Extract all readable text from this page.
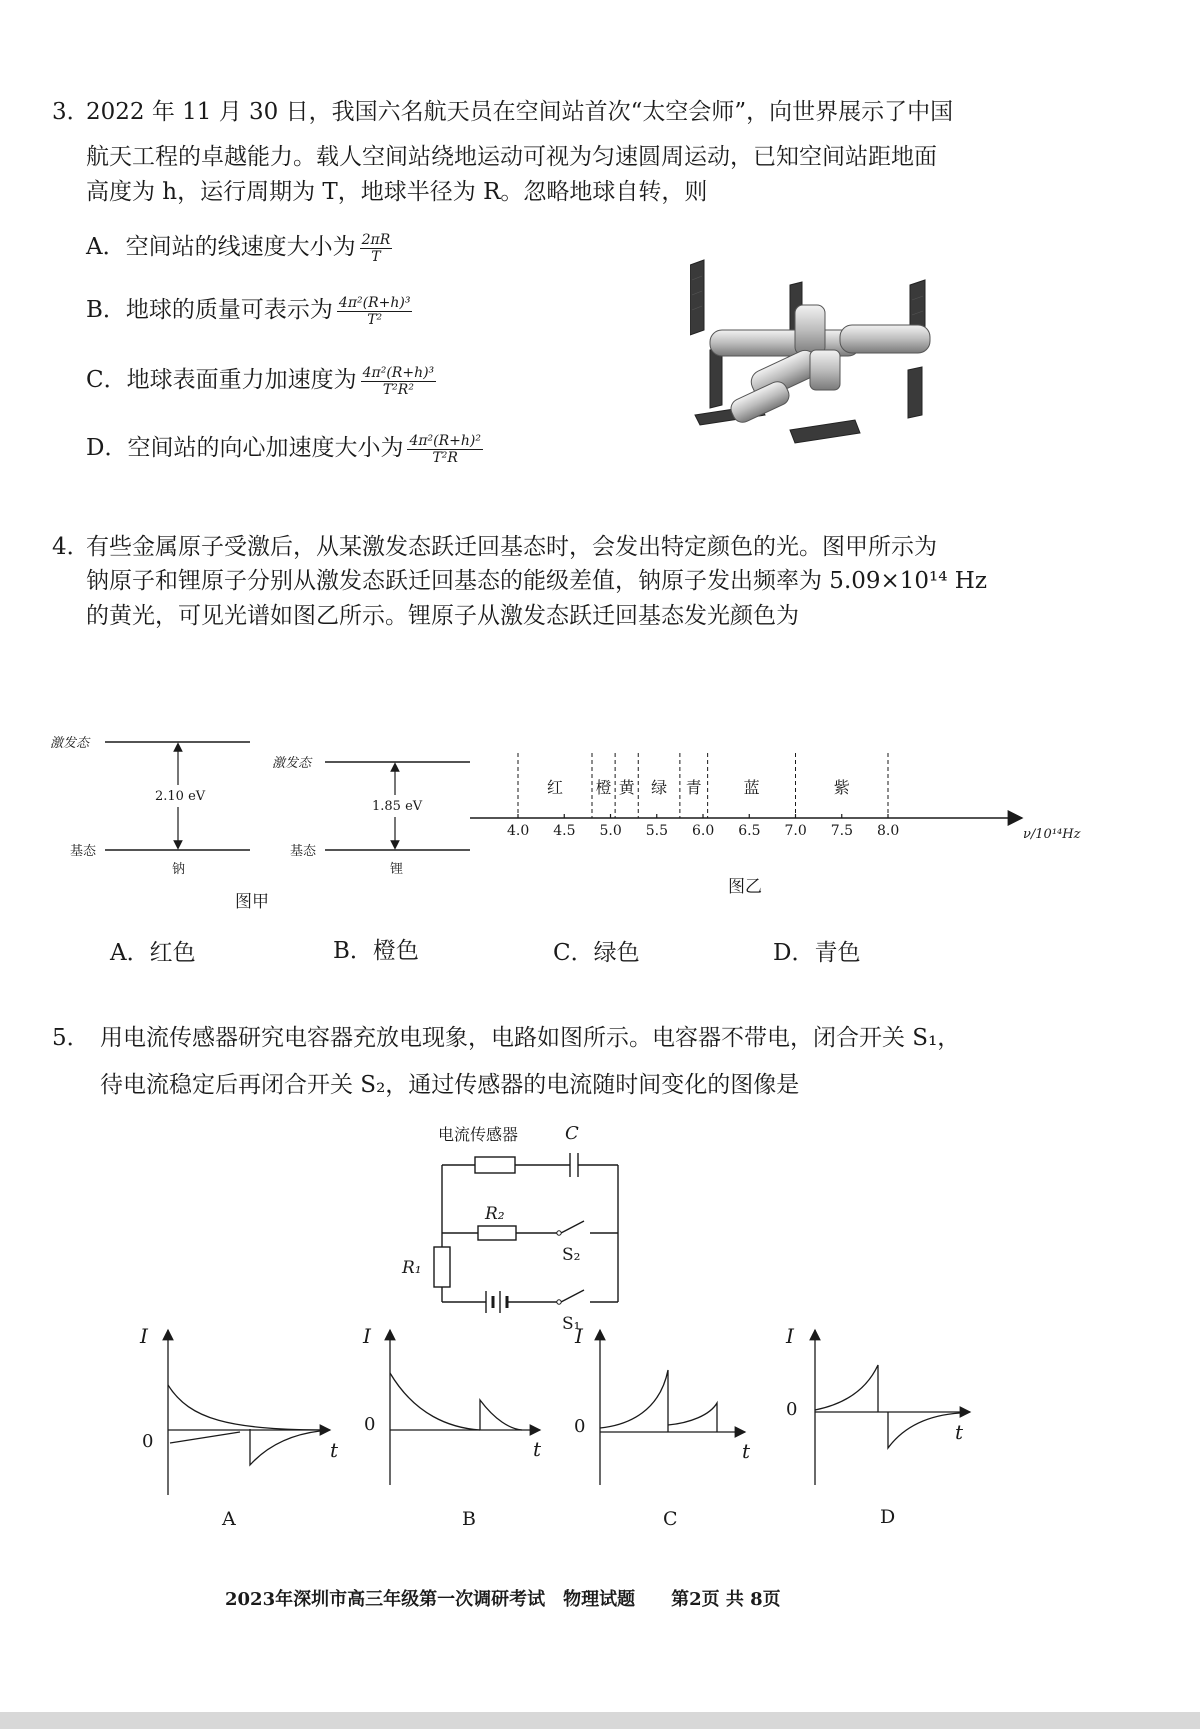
3．
2022 年 11 月 30 日，我国六名航天员在空间站首次“太空会师”，向世界展示了中国
航天工程的卓越能力。载人空间站绕地运动可视为匀速圆周运动，已知空间站距地面
高度为 h，运行周期为 T，地球半径为 R。忽略地球自转，则
A．空间站的线速度大小为 $\frac{2\pi R}{T}$
B．地球的质量可表示为 $\frac{\text{4π²(R+h)³}}{\text{T²}}$
C．地球表面重力加速度为 $\frac{\text{4π²(R+h)³}}{\text{T²R²}}$
D．空间站的向心加速度大小为 $\frac{\text{4π²(R+h)²}}{\text{T²R}}$
4．
有些金属原子受激后，从某激发态跃迁回基态时，会发出特定颜色的光。图甲所示为
钠原子和锂原子分别从激发态跃迁回基态的能级差值，钠原子发出频率为 5.09×10¹⁴ Hz
的黄光，可见光谱如图乙所示。锂原子从激发态跃迁回基态发光颜色为
激发态
基态
2.10 eV
钠
激发态
基态
1.85 eV
锂
图甲
4.0 4.5 5.0 5.5 6.0 6.5 7.0 7.5 8.0
红 橙 黄 绿 青	蓝	紫
ν/10¹⁴Hz
图乙
A．红色	B．橙色	C．绿色	D．青色
5． 用电流传感器研究电容器充放电现象，电路如图所示。电容器不带电，闭合开关 S₁，
待电流稳定后再闭合开关 S₂，通过传感器的电流随时间变化的图像是
电流传感器	C
R₂
R₁
S₂
S₁
I
0	t
A
I
0
t
B
I
0
t
C
I
0
t
D
2023年深圳市高三年级第一次调研考试　物理试题　　第2页 共 8页
